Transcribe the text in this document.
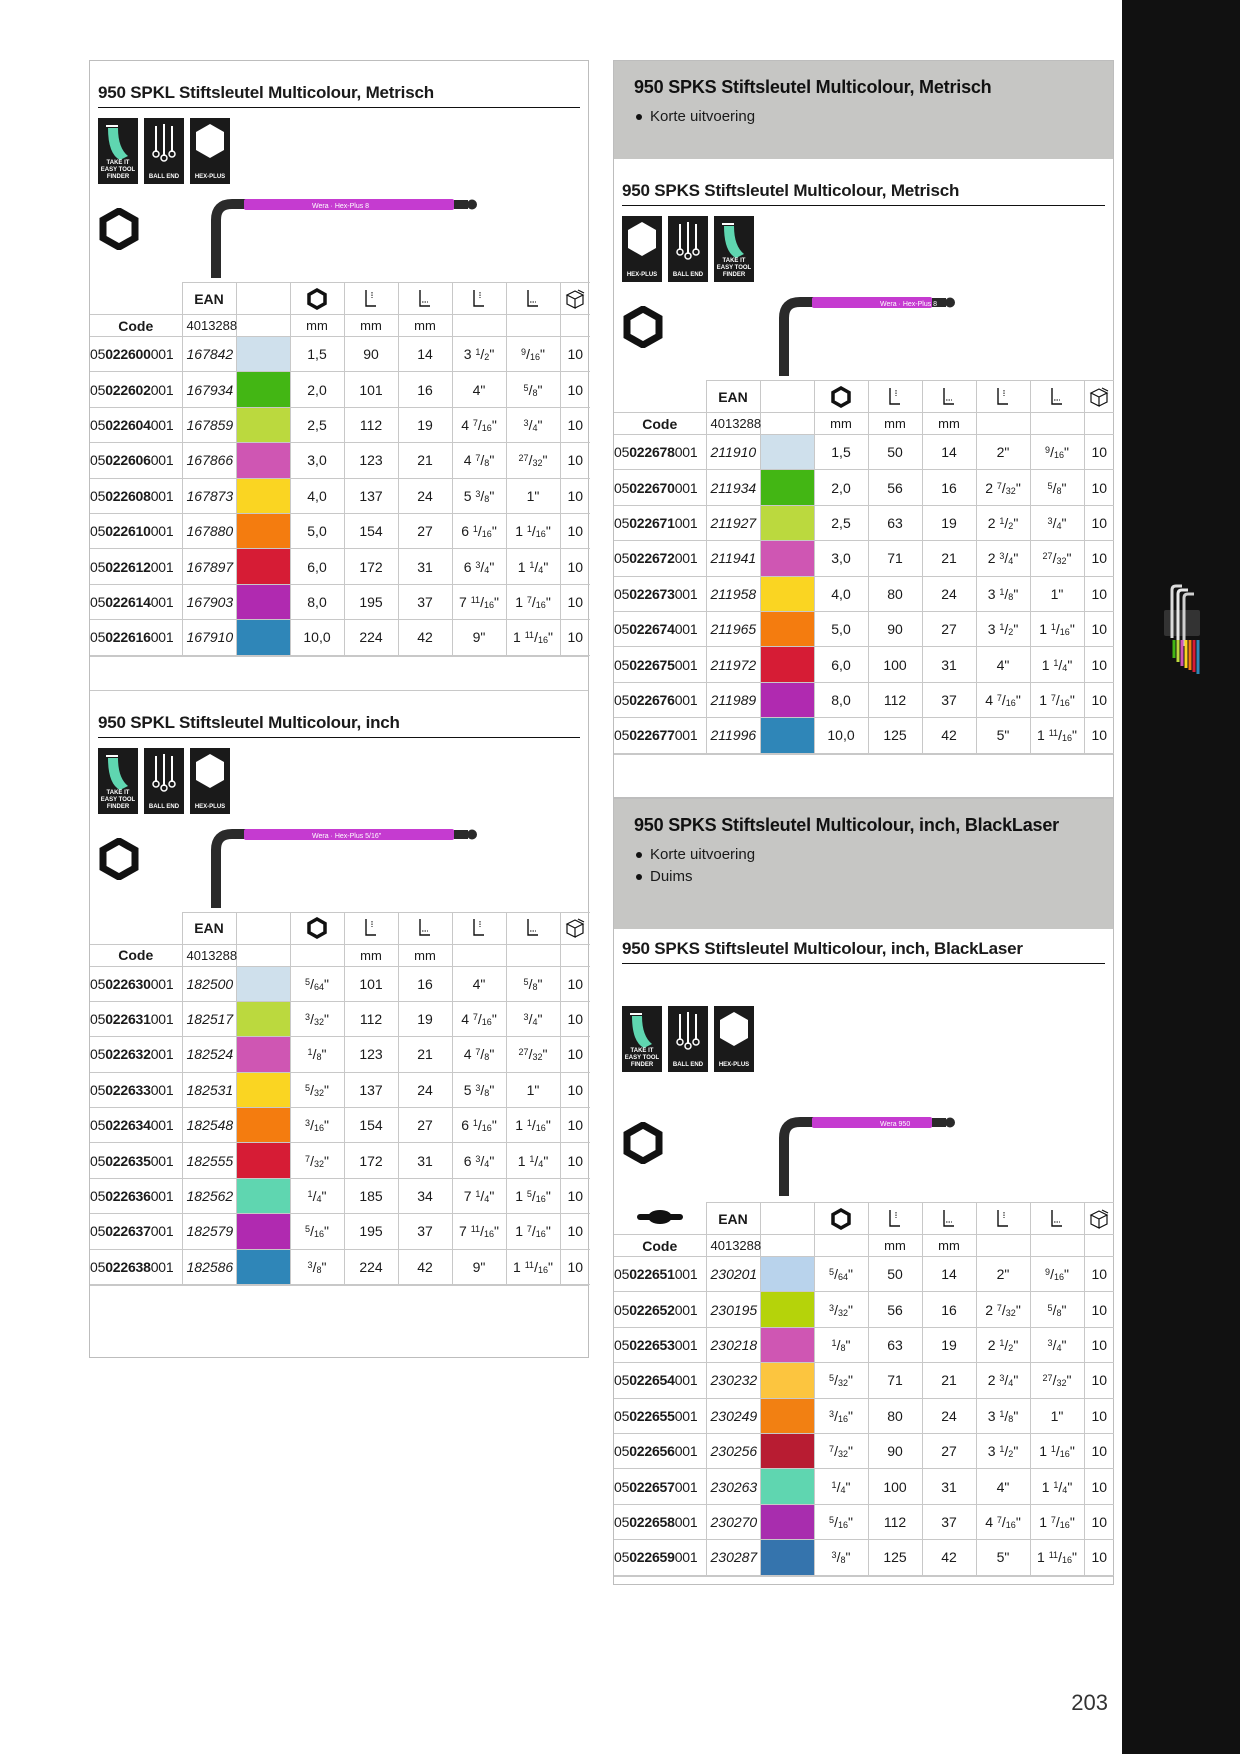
203
950 SPKL Stiftsleutel Multicolour, Metrisch
TAKE IT EASY TOOL FINDER	BALL END	HEX-PLUS
Wera · Hex-Plus 8
	EAN		

Code	4013288		mm	mm	mm			
05022600001	167842		1,5	90	14	3 $^1/_2$"	$^9/_{16}$"	10
05022602001	167934		2,0	101	16	4"	$^5/_8$"	10
05022604001	167859		2,5	112	19	4 $^7/_{16}$"	$^3/_4$"	10
05022606001	167866		3,0	123	21	4 $^7/_8$"	$^{27}/_{32}$"	10
05022608001	167873		4,0	137	24	5 $^3/_8$"	1"	10
05022610001	167880		5,0	154	27	6 $^1/_{16}$"	1 $^1/_{16}$"	10
05022612001	167897		6,0	172	31	6 $^3/_4$"	1 $^1/_4$"	10
05022614001	167903		8,0	195	37	7 $^{11}/_{16}$"	1 $^7/_{16}$"	10
05022616001	167910		10,0	224	42	9"	1 $^{11}/_{16}$"	10
950 SPKL Stiftsleutel Multicolour, inch
TAKE IT EASY TOOL FINDER	BALL END	HEX-PLUS
Wera · Hex-Plus 5/16"
	EAN		

Code	4013288			mm	mm			
05022630001	182500		$^5/_{64}$"	101	16	4"	$^5/_8$"	10
05022631001	182517		$^3/_{32}$"	112	19	4 $^7/_{16}$"	$^3/_4$"	10
05022632001	182524		$^1/_8$"	123	21	4 $^7/_8$"	$^{27}/_{32}$"	10
05022633001	182531		$^5/_{32}$"	137	24	5 $^3/_8$"	1"	10
05022634001	182548		$^3/_{16}$"	154	27	6 $^1/_{16}$"	1 $^1/_{16}$"	10
05022635001	182555		$^7/_{32}$"	172	31	6 $^3/_4$"	1 $^1/_4$"	10
05022636001	182562		$^1/_4$"	185	34	7 $^1/_4$"	1 $^5/_{16}$"	10
05022637001	182579		$^5/_{16}$"	195	37	7 $^{11}/_{16}$"	1 $^7/_{16}$"	10
05022638001	182586		$^3/_8$"	224	42	9"	1 $^{11}/_{16}$"	10
950 SPKS Stiftsleutel Multicolour, Metrisch
Korte uitvoering
950 SPKS Stiftsleutel Multicolour, Metrisch
HEX-PLUS	BALL END
TAKE IT EASY TOOL FINDER
Wera · Hex-Plus 8
	EAN		

Code	4013288		mm	mm	mm			
05022678001	211910		1,5	50	14	2"	$^9/_{16}$"	10
05022670001	211934		2,0	56	16	2 $^7/_{32}$"	$^5/_8$"	10
05022671001	211927		2,5	63	19	2 $^1/_2$"	$^3/_4$"	10
05022672001	211941		3,0	71	21	2 $^3/_4$"	$^{27}/_{32}$"	10
05022673001	211958		4,0	80	24	3 $^1/_8$"	1"	10
05022674001	211965		5,0	90	27	3 $^1/_2$"	1 $^1/_{16}$"	10
05022675001	211972		6,0	100	31	4"	1 $^1/_4$"	10
05022676001	211989		8,0	112	37	4 $^7/_{16}$"	1 $^7/_{16}$"	10
05022677001	211996		10,0	125	42	5"	1 $^{11}/_{16}$"	10
950 SPKS Stiftsleutel Multicolour, inch, BlackLaser
Korte uitvoering
Duims
950 SPKS Stiftsleutel Multicolour, inch, BlackLaser
TAKE IT EASY TOOL FINDER	BALL END	HEX-PLUS
Wera 950
	EAN		

Code	4013288			mm	mm			
05022651001	230201		$^5/_{64}$"	50	14	2"	$^9/_{16}$"	10
05022652001	230195		$^3/_{32}$"	56	16	2 $^7/_{32}$"	$^5/_8$"	10
05022653001	230218		$^1/_8$"	63	19	2 $^1/_2$"	$^3/_4$"	10
05022654001	230232		$^5/_{32}$"	71	21	2 $^3/_4$"	$^{27}/_{32}$"	10
05022655001	230249		$^3/_{16}$"	80	24	3 $^1/_8$"	1"	10
05022656001	230256		$^7/_{32}$"	90	27	3 $^1/_2$"	1 $^1/_{16}$"	10
05022657001	230263		$^1/_4$"	100	31	4"	1 $^1/_4$"	10
05022658001	230270		$^5/_{16}$"	112	37	4 $^7/_{16}$"	1 $^7/_{16}$"	10
05022659001	230287		$^3/_8$"	125	42	5"	1 $^{11}/_{16}$"	10
